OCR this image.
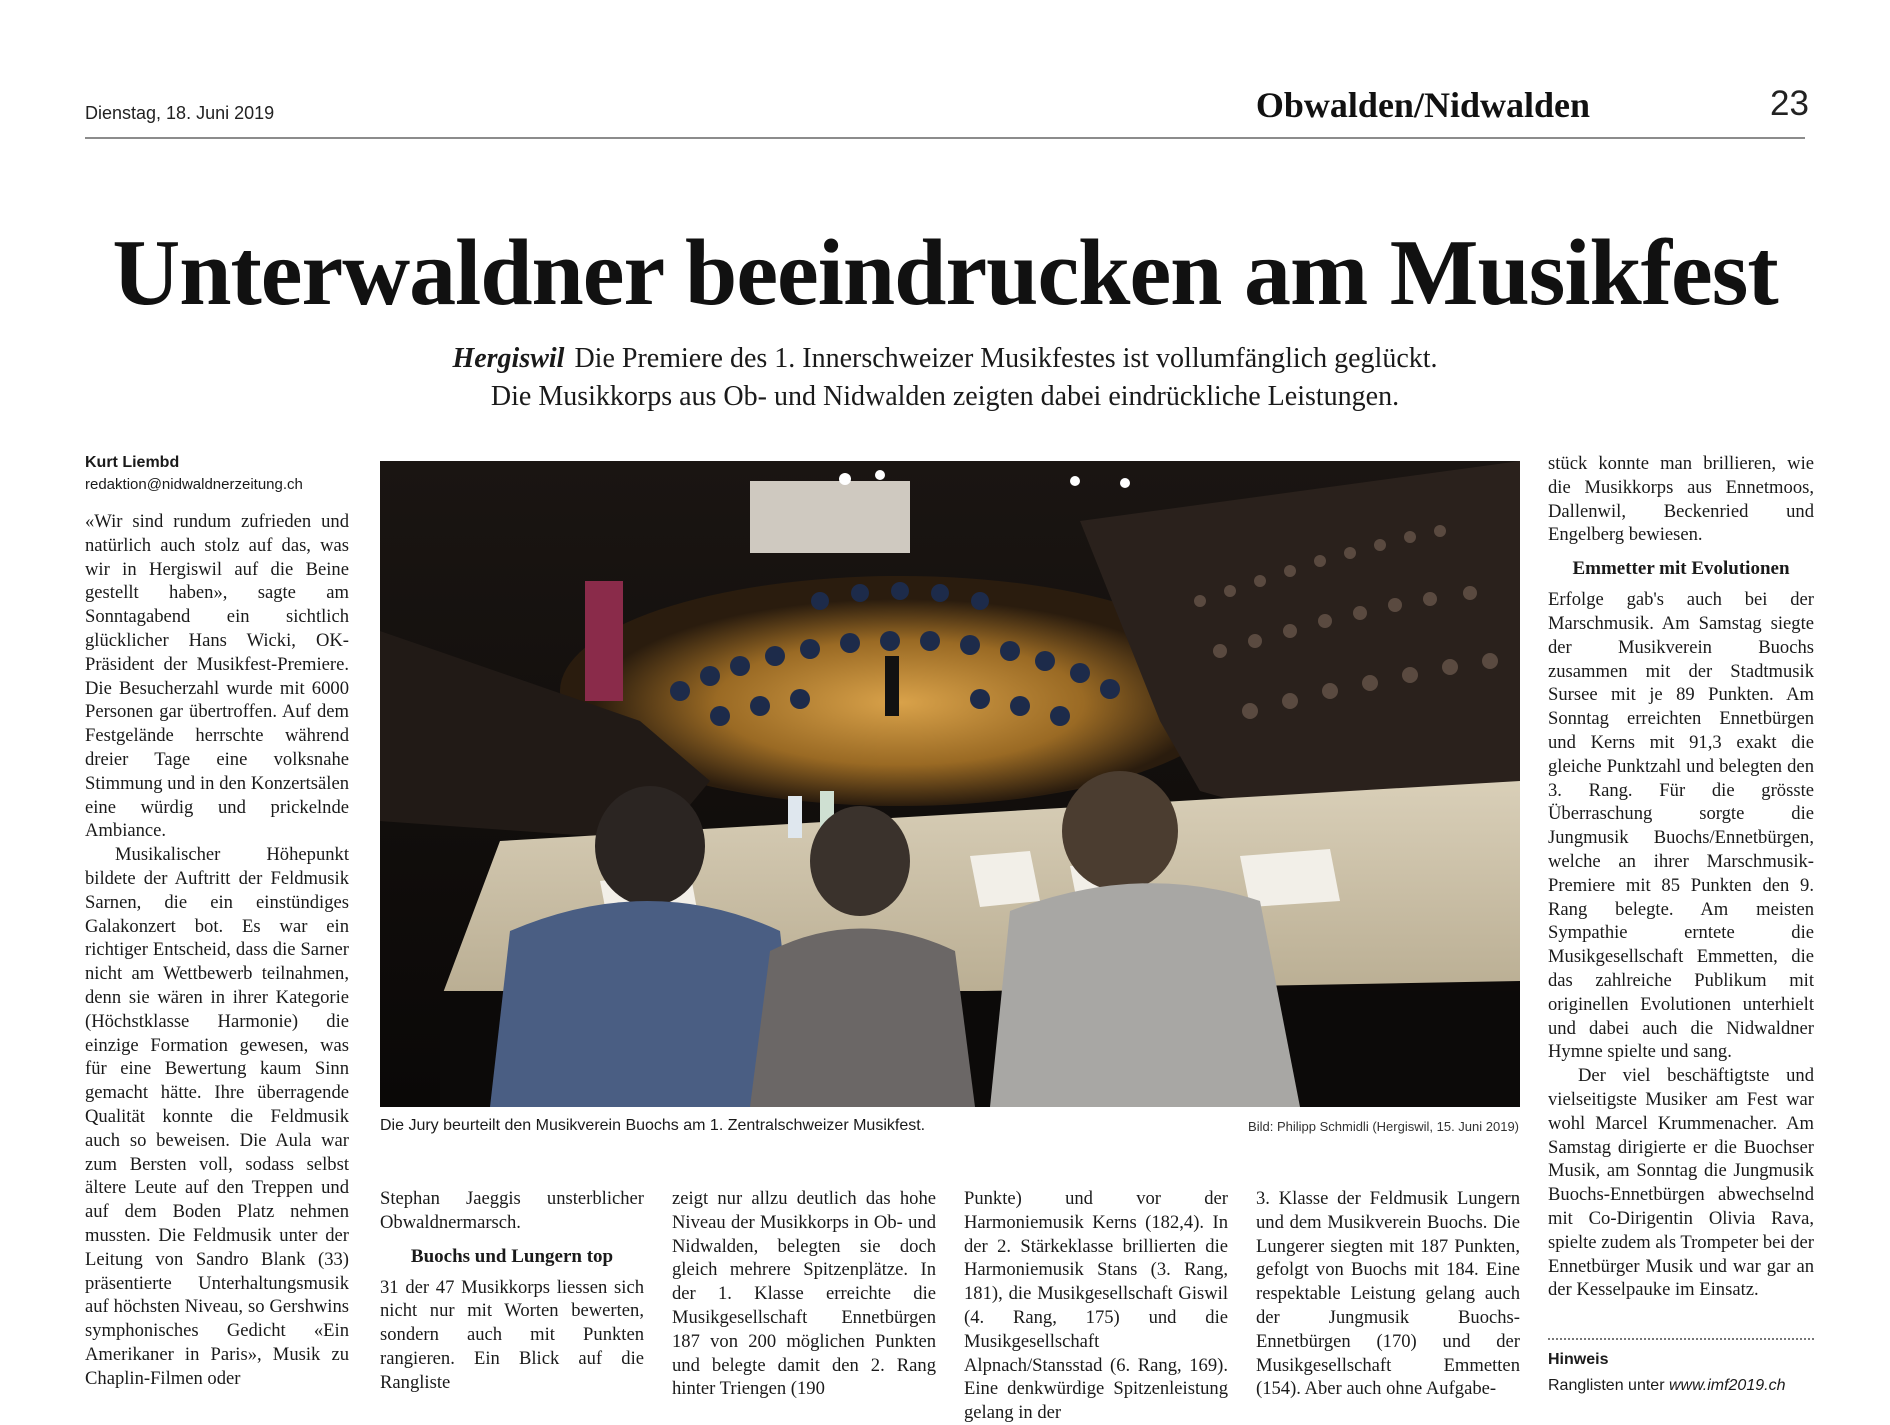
Dienstag, 18. Juni 2019	Obwalden/Nidwalden	23
Unterwaldner beeindrucken am Musikfest
Hergiswil Die Premiere des 1. Innerschweizer Musikfestes ist vollumfänglich geglückt.
Die Musikkorps aus Ob- und Nidwalden zeigten dabei eindrückliche Leistungen.
Kurt Liembd
redaktion@nidwaldnerzeitung.ch

«Wir sind rundum zufrieden und natürlich auch stolz auf das, was wir in Hergiswil auf die Beine gestellt haben», sagte am Sonntagabend ein sichtlich glücklicher Hans Wicki, OK-Präsident der Musikfest-Premiere. Die Besucherzahl wurde mit 6000 Personen gar übertroffen. Auf dem Festgelände herrschte während dreier Tage eine volksnahe Stimmung und in den Konzertsälen eine würdig und prickelnde Ambiance.

Musikalischer Höhepunkt bildete der Auftritt der Feldmusik Sarnen, die ein einstündiges Galakonzert bot. Es war ein richtiger Entscheid, dass die Sarner nicht am Wettbewerb teilnahmen, denn sie wären in ihrer Kategorie (Höchstklasse Harmonie) die einzige Formation gewesen, was für eine Bewertung kaum Sinn gemacht hätte. Ihre überragende Qualität konnte die Feldmusik auch so beweisen. Die Aula war zum Bersten voll, sodass selbst ältere Leute auf den Treppen und auf dem Boden Platz nehmen mussten. Die Feldmusik unter der Leitung von Sandro Blank (33) präsentierte Unterhaltungsmusik auf höchsten Niveau, so Gershwins symphonisches Gedicht «Ein Amerikaner in Paris», Musik zu Chaplin-Filmen oder

Die Jury beurteilt den Musikverein Buochs am 1. Zentralschweizer Musikfest.	Bild: Philipp Schmidli (Hergiswil, 15. Juni 2019)

Stephan Jaeggis unsterblicher Obwaldnermarsch.

Buochs und Lungern top

31 der 47 Musikkorps liessen sich nicht nur mit Worten bewerten, sondern auch mit Punkten rangieren. Ein Blick auf die Rangliste

zeigt nur allzu deutlich das hohe Niveau der Musikkorps in Ob- und Nidwalden, belegten sie doch gleich mehrere Spitzenplätze. In der 1. Klasse erreichte die Musikgesellschaft Ennetbürgen 187 von 200 möglichen Punkten und belegte damit den 2. Rang hinter Triengen (190

Punkte) und vor der Harmoniemusik Kerns (182,4). In der 2. Stärkeklasse brillierten die Harmoniemusik Stans (3. Rang, 181), die Musikgesellschaft Giswil (4. Rang, 175) und die Musikgesellschaft Alpnach/Stansstad (6. Rang, 169). Eine denkwürdige Spitzenleistung gelang in der

3. Klasse der Feldmusik Lungern und dem Musikverein Buochs. Die Lungerer siegten mit 187 Punkten, gefolgt von Buochs mit 184. Eine respektable Leistung gelang auch der Jungmusik Buochs-Ennetbürgen (170) und der Musikgesellschaft Emmetten (154). Aber auch ohne Aufgabe-

stück konnte man brillieren, wie die Musikkorps aus Ennetmoos, Dallenwil, Beckenried und Engelberg bewiesen.

Emmetter mit Evolutionen

Erfolge gab's auch bei der Marschmusik. Am Samstag siegte der Musikverein Buochs zusammen mit der Stadtmusik Sursee mit je 89 Punkten. Am Sonntag erreichten Ennetbürgen und Kerns mit 91,3 exakt die gleiche Punktzahl und belegten den 3. Rang. Für die grösste Überraschung sorgte die Jungmusik Buochs/Ennetbürgen, welche an ihrer Marschmusik-Premiere mit 85 Punkten den 9. Rang belegte. Am meisten Sympathie erntete die Musikgesellschaft Emmetten, die das zahlreiche Publikum mit originellen Evolutionen unterhielt und dabei auch die Nidwaldner Hymne spielte und sang.

Der viel beschäftigtste und vielseitigste Musiker am Fest war wohl Marcel Krummenacher. Am Samstag dirigierte er die Buochser Musik, am Sonntag die Jungmusik Buochs-Ennetbürgen abwechselnd mit Co-Dirigentin Olivia Rava, spielte zudem als Trompeter bei der Ennetbürger Musik und war gar an der Kesselpauke im Einsatz.

Hinweis
Ranglisten unter www.imf2019.ch
